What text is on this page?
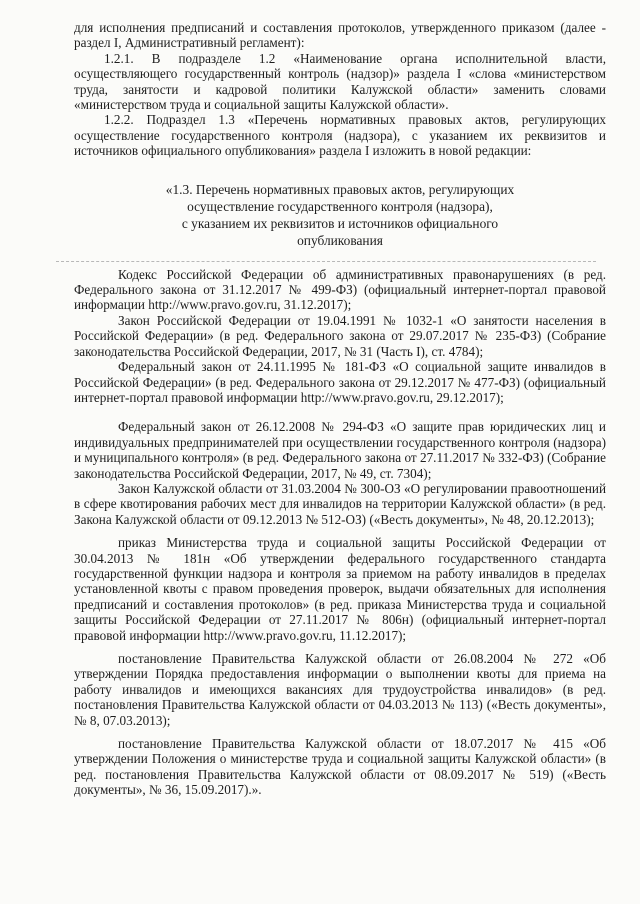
для исполнения предписаний и составления протоколов, утвержденного приказом (далее - раздел I, Административный регламент):

1.2.1. В подразделе 1.2 «Наименование органа исполнительной власти, осуществляющего государственный контроль (надзор)» раздела I «слова «министерством труда, занятости и кадровой политики Калужской области» заменить словами «министерством труда и социальной защиты Калужской области».

1.2.2. Подраздел 1.3 «Перечень нормативных правовых актов, регулирующих осуществление государственного контроля (надзора), с указанием их реквизитов и источников официального опубликования» раздела I изложить в новой редакции:

«1.3. Перечень нормативных правовых актов, регулирующих
осуществление государственного контроля (надзора),
с указанием их реквизитов и источников официального
опубликования

Кодекс Российской Федерации об административных правонарушениях (в ред. Федерального закона от 31.12.2017 № 499-ФЗ) (официальный интернет-портал правовой информации http://www.pravo.gov.ru, 31.12.2017);

Закон Российской Федерации от 19.04.1991 № 1032-1 «О занятости населения в Российской Федерации» (в ред. Федерального закона от 29.07.2017 № 235-ФЗ) (Собрание законодательства Российской Федерации, 2017, № 31 (Часть I), ст. 4784);

Федеральный закон от 24.11.1995 № 181-ФЗ «О социальной защите инвалидов в Российской Федерации» (в ред. Федерального закона от 29.12.2017 № 477-ФЗ) (официальный интернет-портал правовой информации http://www.pravo.gov.ru, 29.12.2017);

Федеральный закон от 26.12.2008 № 294-ФЗ «О защите прав юридических лиц и индивидуальных предпринимателей при осуществлении государственного контроля (надзора) и муниципального контроля» (в ред. Федерального закона от 27.11.2017 № 332-ФЗ) (Собрание законодательства Российской Федерации, 2017, № 49, ст. 7304);

Закон Калужской области от 31.03.2004 № 300-ОЗ «О регулировании правоотношений в сфере квотирования рабочих мест для инвалидов на территории Калужской области» (в ред. Закона Калужской области от 09.12.2013 № 512-ОЗ) («Весть документы», № 48, 20.12.2013);

приказ Министерства труда и социальной защиты Российской Федерации от 30.04.2013 № 181н «Об утверждении федерального государственного стандарта государственной функции надзора и контроля за приемом на работу инвалидов в пределах установленной квоты с правом проведения проверок, выдачи обязательных для исполнения предписаний и составления протоколов» (в ред. приказа Министерства труда и социальной защиты Российской Федерации от 27.11.2017 № 806н) (официальный интернет-портал правовой информации http://www.pravo.gov.ru, 11.12.2017);

постановление Правительства Калужской области от 26.08.2004 № 272 «Об утверждении Порядка предоставления информации о выполнении квоты для приема на работу инвалидов и имеющихся вакансиях для трудоустройства инвалидов» (в ред. постановления Правительства Калужской области от 04.03.2013 № 113) («Весть документы», № 8, 07.03.2013);

постановление Правительства Калужской области от 18.07.2017 № 415 «Об утверждении Положения о министерстве труда и социальной защиты Калужской области» (в ред. постановления Правительства Калужской области от 08.09.2017 № 519) («Весть документы», № 36, 15.09.2017).».
